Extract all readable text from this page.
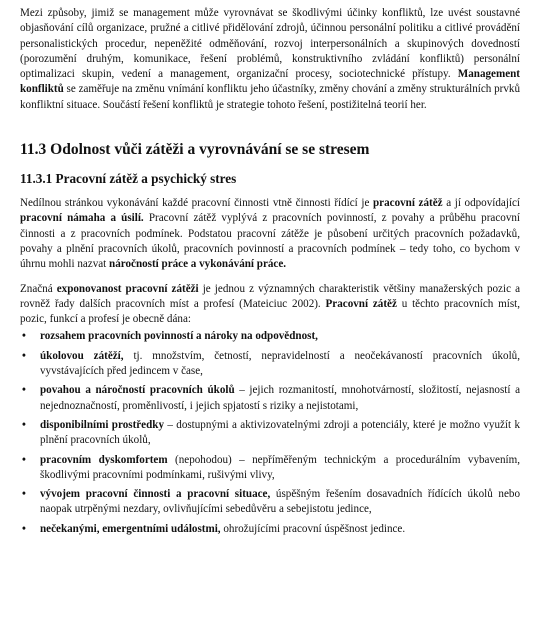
Mezi způsoby, jimiž se management může vyrovnávat se škodlivými účinky konfliktů, lze uvést soustavné objasňování cílů organizace, pružné a citlivé přidělování zdrojů, účinnou personální politiku a citlivé provádění personalistických procedur, nepeněžité odměňování, rozvoj interpersonálních a skupinových dovedností (porozumění druhým, komunikace, řešení problémů, konstruktivního zvládání konfliktů) personální optimalizaci skupin, vedení a management, organizační procesy, sociotechnické přístupy. Management konfliktů se zaměřuje na změnu vnímání konfliktu jeho účastníky, změny chování a změny strukturálních prvků konfliktní situace. Součástí řešení konfliktů je strategie tohoto řešení, postižitelná teorií her.

11.3 Odolnost vůči zátěži a vyrovnávání se se stresem
11.3.1 Pracovní zátěž a psychický stres

Nedílnou stránkou vykonávání každé pracovní činnosti vtně činnosti řídící je pracovní zátěž a jí odpovídající pracovní námaha a úsilí. Pracovní zátěž vyplývá z pracovních povinností, z povahy a průběhu pracovní činnosti a z pracovních podmínek. Podstatou pracovní zátěže je působení určitých pracovních požadavků, povahy a plnění pracovních úkolů, pracovních povinností a pracovních podmínek – tedy toho, co bychom v úhrnu mohli nazvat náročností práce a vykonávání práce.

Značná exponovanost pracovní zátěži je jednou z významných charakteristik většiny manažerských pozic a rovněž řady dalších pracovních míst a profesí (Mateiciuc 2002). Pracovní zátěž u těchto pracovních míst, pozic, funkcí a profesí je obecně dána:

• rozsahem pracovních povinností a nároky na odpovědnost,
• úkolovou zátěží, tj. množstvím, četností, nepravidelností a neočekávaností pracovních úkolů, vyvstávajících před jedincem v čase,
• povahou a náročností pracovních úkolů – jejich rozmanitostí, mnohotvárností, složitostí, nejasností a nejednoznačností, proměnlivostí, i jejich spjatostí s riziky a nejistotami,
• disponibilními prostředky – dostupnými a aktivizovatelnými zdroji a potenciály, které je možno využít k plnění pracovních úkolů,
• pracovním dyskomfortem (nepohodou) – nepříměřeným technickým a procedurálním vybavením, škodlivými pracovními podmínkami, rušivými vlivy,
• vývojem pracovní činnosti a pracovní situace, úspěšným řešením dosavadních řídících úkolů nebo naopak utrpěnými nezdary, ovlivňujícími sebedůvěru a sebejistotu jedince,
• nečekanými, emergentními událostmi, ohrožujícími pracovní úspěšnost jedince.
